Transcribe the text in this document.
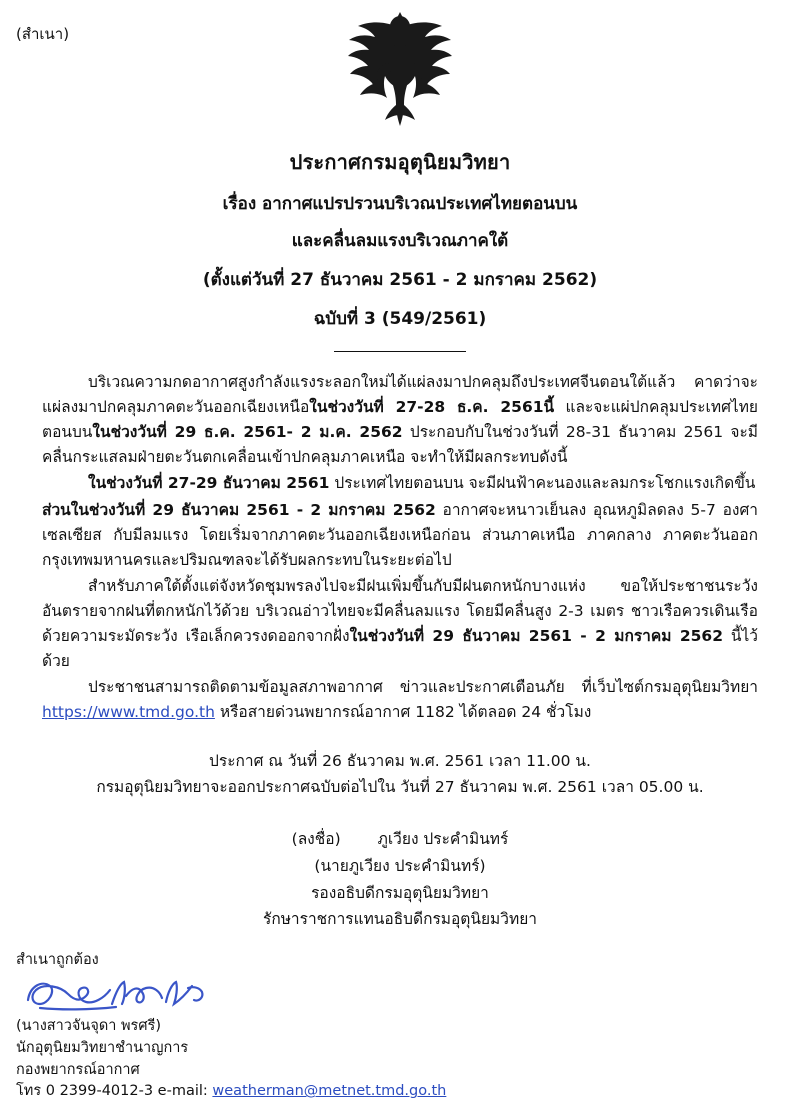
(สำเนา)
ประกาศกรมอุตุนิยมวิทยา
เรื่อง อากาศแปรปรวนบริเวณประเทศไทยตอนบน
และคลื่นลมแรงบริเวณภาคใต้
(ตั้งแต่วันที่ 27 ธันวาคม 2561 - 2 มกราคม 2562)
ฉบับที่ 3 (549/2561)

บริเวณความกดอากาศสูงกำลังแรงระลอกใหม่ได้แผ่ลงมาปกคลุมถึงประเทศจีนตอนใต้แล้ว คาดว่าจะแผ่ลงมาปกคลุมภาคตะวันออกเฉียงเหนือในช่วงวันที่ 27-28 ธ.ค. 2561นี้ และจะแผ่ปกคลุมประเทศไทยตอนบนในช่วงวันที่ 29 ธ.ค. 2561- 2 ม.ค. 2562 ประกอบกับในช่วงวันที่ 28-31 ธันวาคม 2561 จะมีคลื่นกระแสลมฝ่ายตะวันตกเคลื่อนเข้าปกคลุมภาคเหนือ จะทำให้มีผลกระทบดังนี้

ในช่วงวันที่ 27-29 ธันวาคม 2561 ประเทศไทยตอนบน จะมีฝนฟ้าคะนองและลมกระโชกแรงเกิดขึ้น

ส่วนในช่วงวันที่ 29 ธันวาคม 2561 - 2 มกราคม 2562 อากาศจะหนาวเย็นลง อุณหภูมิลดลง 5-7 องศาเซลเซียส กับมีลมแรง โดยเริ่มจากภาคตะวันออกเฉียงเหนือก่อน ส่วนภาคเหนือ ภาคกลาง ภาคตะวันออก กรุงเทพมหานครและปริมณฑลจะได้รับผลกระทบในระยะต่อไป

สำหรับภาคใต้ตั้งแต่จังหวัดชุมพรลงไปจะมีฝนเพิ่มขึ้นกับมีฝนตกหนักบางแห่ง ขอให้ประชาชนระวังอันตรายจากฝนที่ตกหนักไว้ด้วย บริเวณอ่าวไทยจะมีคลื่นลมแรง โดยมีคลื่นสูง 2-3 เมตร ชาวเรือควรเดินเรือด้วยความระมัดระวัง เรือเล็กควรงดออกจากฝั่งในช่วงวันที่ 29 ธันวาคม 2561 - 2 มกราคม 2562 นี้ไว้ด้วย

ประชาชนสามารถติดตามข้อมูลสภาพอากาศ ข่าวและประกาศเตือนภัย ที่เว็บไซต์กรมอุตุนิยมวิทยา https://www.tmd.go.th หรือสายด่วนพยากรณ์อากาศ 1182 ได้ตลอด 24 ชั่วโมง

ประกาศ ณ วันที่ 26 ธันวาคม พ.ศ. 2561 เวลา 11.00 น.
กรมอุตุนิยมวิทยาจะออกประกาศฉบับต่อไปใน วันที่ 27 ธันวาคม พ.ศ. 2561 เวลา 05.00 น.
(ลงชื่อ) ภูเวียง ประคำมินทร์
(นายภูเวียง ประคำมินทร์)
รองอธิบดีกรมอุตุนิยมวิทยา
รักษาราชการแทนอธิบดีกรมอุตุนิยมวิทยา
สำเนาถูกต้อง
(นางสาวจันจุดา พรศรี)
นักอุตุนิยมวิทยาชำนาญการ
กองพยากรณ์อากาศ
โทร 0 2399-4012-3 e-mail: weatherman@metnet.tmd.go.th
